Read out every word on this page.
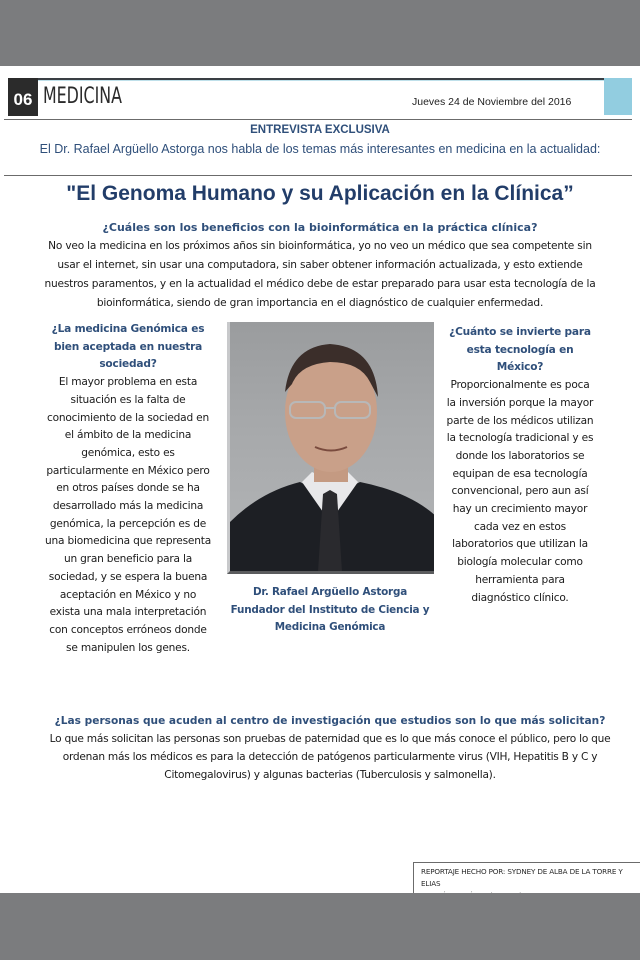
06 MEDICINA	Jueves 24 de Noviembre del 2016
ENTREVISTA EXCLUSIVA
El Dr. Rafael Argüello Astorga nos habla de los temas más interesantes en medicina en la actualidad:
"El Genoma Humano y su Aplicación en la Clínica”
¿Cuáles son los beneficios con la bioinformática en la práctica clínica?

No veo la medicina en los próximos años sin bioinformática, yo no veo un médico que sea competente sin usar el internet, sin usar una computadora, sin saber obtener información actualizada, y esto extiende nuestros paramentos, y en la actualidad el médico debe de estar preparado para usar esta tecnología de la bioinformática, siendo de gran importancia en el diagnóstico de cualquier enfermedad.

¿La medicina Genómica es bien aceptada en nuestra sociedad?

El mayor problema en esta situación es la falta de conocimiento de la sociedad en el ámbito de la medicina genómica, esto es particularmente en México pero en otros países donde se ha desarrollado más la medicina genómica, la percepción es de una biomedicina que representa un gran beneficio para la sociedad, y se espera la buena aceptación en México y no exista una mala interpretación con conceptos erróneos donde se manipulen los genes.

Dr. Rafael Argüello Astorga
Fundador del Instituto de Ciencia y
Medicina Genómica
¿Cuánto se invierte para esta tecnología en México?

Proporcionalmente es poca la inversión porque la mayor parte de los médicos utilizan la tecnología tradicional y es donde los laboratorios se equipan de esa tecnología convencional, pero aun así hay un crecimiento mayor cada vez en estos laboratorios que utilizan la biología molecular como herramienta para diagnóstico clínico.

¿Las personas que acuden al centro de investigación que estudios son lo que más solicitan?

Lo que más solicitan las personas son pruebas de paternidad que es lo que más conoce el público, pero lo que ordenan más los médicos es para la detección de patógenos particularmente virus (VIH, Hepatitis B y C y Citomegalovirus) y algunas bacterias (Tuberculosis y salmonella).

REPORTAJE HECHO POR: SYDNEY DE ALBA DE LA TORRE Y ELIAS
